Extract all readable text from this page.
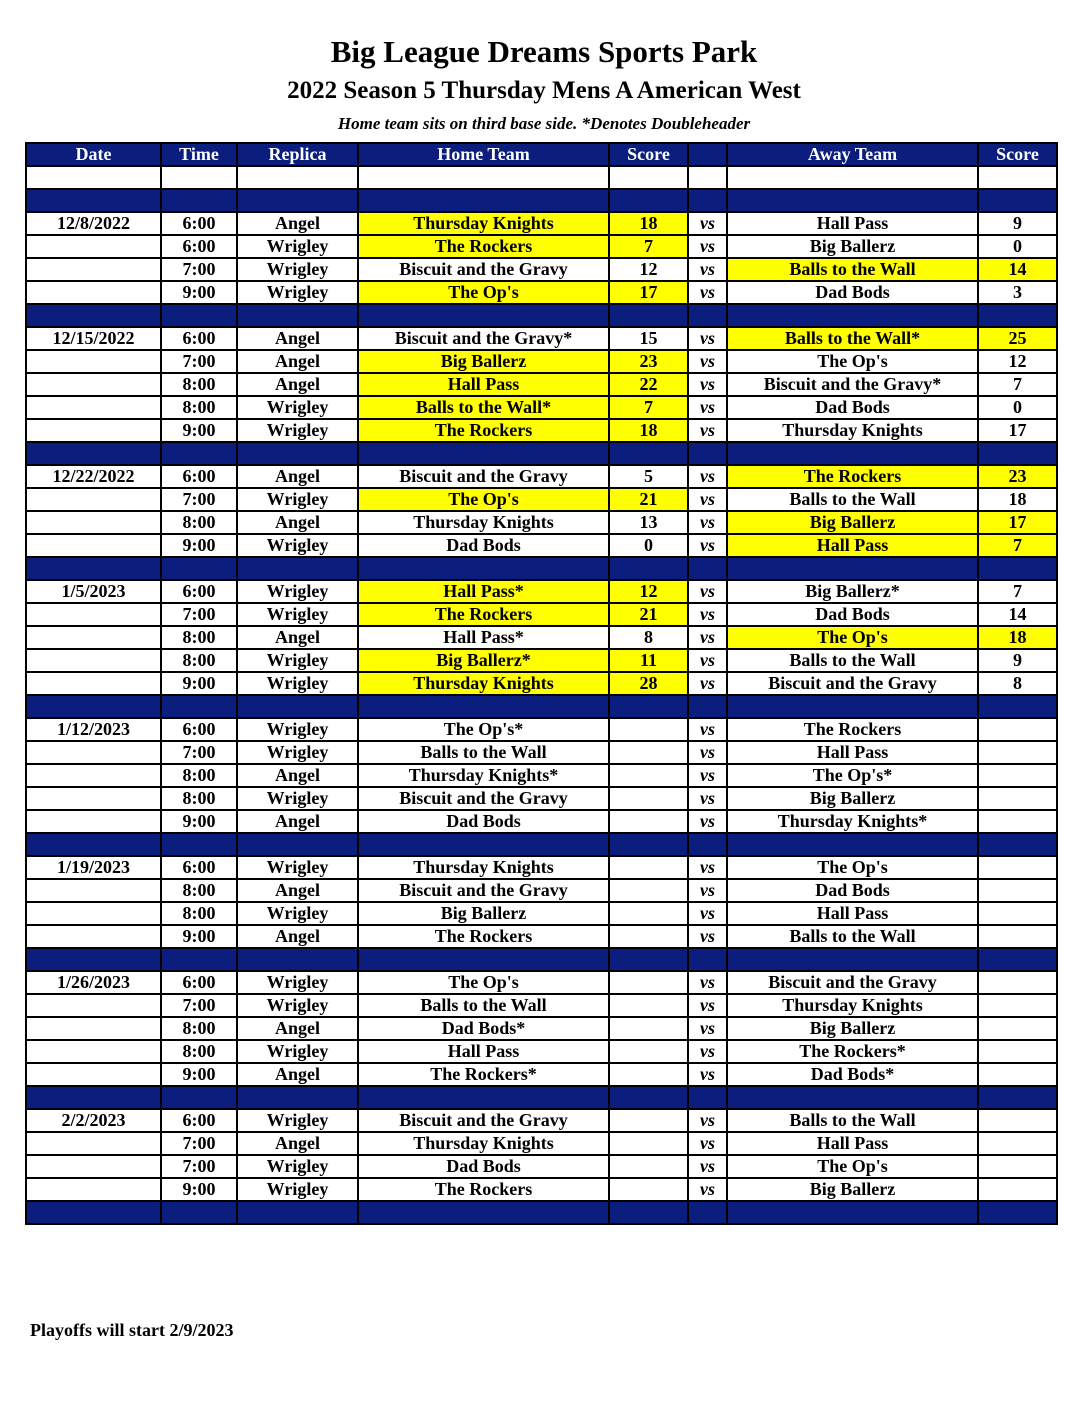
Big League Dreams Sports Park
2022 Season 5 Thursday Mens A American West
Home team sits on third base side. *Denotes Doubleheader
Date	Time	Replica	Home Team	Score		Away Team	Score

12/8/2022	6:00	Angel	Thursday Knights	18	vs	Hall Pass	9
	6:00	Wrigley	The Rockers	7	vs	Big Ballerz	0
	7:00	Wrigley	Biscuit and the Gravy	12	vs	Balls to the Wall	14
	9:00	Wrigley	The Op's	17	vs	Dad Bods	3

12/15/2022	6:00	Angel	Biscuit and the Gravy*	15	vs	Balls to the Wall*	25
	7:00	Angel	Big Ballerz	23	vs	The Op's	12
	8:00	Angel	Hall Pass	22	vs	Biscuit and the Gravy*	7
	8:00	Wrigley	Balls to the Wall*	7	vs	Dad Bods	0
	9:00	Wrigley	The Rockers	18	vs	Thursday Knights	17

12/22/2022	6:00	Angel	Biscuit and the Gravy	5	vs	The Rockers	23
	7:00	Wrigley	The Op's	21	vs	Balls to the Wall	18
	8:00	Angel	Thursday Knights	13	vs	Big Ballerz	17
	9:00	Wrigley	Dad Bods	0	vs	Hall Pass	7

1/5/2023	6:00	Wrigley	Hall Pass*	12	vs	Big Ballerz*	7
	7:00	Wrigley	The Rockers	21	vs	Dad Bods	14
	8:00	Angel	Hall Pass*	8	vs	The Op's	18
	8:00	Wrigley	Big Ballerz*	11	vs	Balls to the Wall	9
	9:00	Wrigley	Thursday Knights	28	vs	Biscuit and the Gravy	8

1/12/2023	6:00	Wrigley	The Op's*		vs	The Rockers	
	7:00	Wrigley	Balls to the Wall		vs	Hall Pass	
	8:00	Angel	Thursday Knights*		vs	The Op's*	
	8:00	Wrigley	Biscuit and the Gravy		vs	Big Ballerz	
	9:00	Angel	Dad Bods		vs	Thursday Knights*	

1/19/2023	6:00	Wrigley	Thursday Knights		vs	The Op's	
	8:00	Angel	Biscuit and the Gravy		vs	Dad Bods	
	8:00	Wrigley	Big Ballerz		vs	Hall Pass	
	9:00	Angel	The Rockers		vs	Balls to the Wall	

1/26/2023	6:00	Wrigley	The Op's		vs	Biscuit and the Gravy	
	7:00	Wrigley	Balls to the Wall		vs	Thursday Knights	
	8:00	Angel	Dad Bods*		vs	Big Ballerz	
	8:00	Wrigley	Hall Pass		vs	The Rockers*	
	9:00	Angel	The Rockers*		vs	Dad Bods*	

2/2/2023	6:00	Wrigley	Biscuit and the Gravy		vs	Balls to the Wall	
	7:00	Angel	Thursday Knights		vs	Hall Pass	
	7:00	Wrigley	Dad Bods		vs	The Op's	
	9:00	Wrigley	The Rockers		vs	Big Ballerz	

Playoffs will start 2/9/2023
